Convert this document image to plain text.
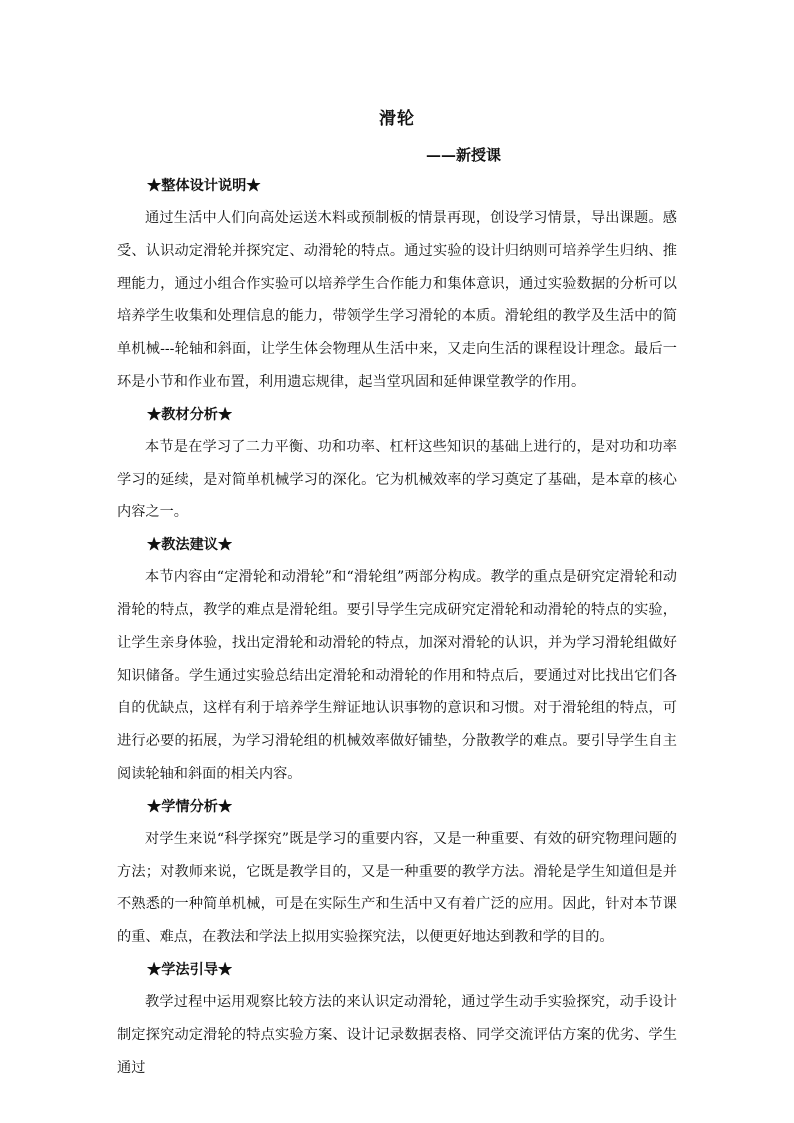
滑轮
——新授课

★整体设计说明★

通过生活中人们向高处运送木料或预制板的情景再现，创设学习情景，导出课题。感受、认识动定滑轮并探究定、动滑轮的特点。通过实验的设计归纳则可培养学生归纳、推理能力，通过小组合作实验可以培养学生合作能力和集体意识，通过实验数据的分析可以培养学生收集和处理信息的能力，带领学生学习滑轮的本质。滑轮组的教学及生活中的简单机械---轮轴和斜面，让学生体会物理从生活中来，又走向生活的课程设计理念。最后一环是小节和作业布置，利用遗忘规律，起当堂巩固和延伸课堂教学的作用。

★教材分析★

本节是在学习了二力平衡、功和功率、杠杆这些知识的基础上进行的，是对功和功率学习的延续，是对简单机械学习的深化。它为机械效率的学习奠定了基础，是本章的核心内容之一。

★教法建议★

本节内容由“定滑轮和动滑轮”和“滑轮组”两部分构成。教学的重点是研究定滑轮和动滑轮的特点，教学的难点是滑轮组。要引导学生完成研究定滑轮和动滑轮的特点的实验，让学生亲身体验，找出定滑轮和动滑轮的特点，加深对滑轮的认识，并为学习滑轮组做好知识储备。学生通过实验总结出定滑轮和动滑轮的作用和特点后，要通过对比找出它们各自的优缺点，这样有利于培养学生辩证地认识事物的意识和习惯。对于滑轮组的特点，可进行必要的拓展，为学习滑轮组的机械效率做好铺垫，分散教学的难点。要引导学生自主阅读轮轴和斜面的相关内容。

★学情分析★

对学生来说“科学探究”既是学习的重要内容，又是一种重要、有效的研究物理问题的方法；对教师来说，它既是教学目的，又是一种重要的教学方法。滑轮是学生知道但是并不熟悉的一种简单机械，可是在实际生产和生活中又有着广泛的应用。因此，针对本节课的重、难点，在教法和学法上拟用实验探究法，以便更好地达到教和学的目的。

★学法引导★

教学过程中运用观察比较方法的来认识定动滑轮，通过学生动手实验探究，动手设计制定探究动定滑轮的特点实验方案、设计记录数据表格、同学交流评估方案的优劣、学生通过
